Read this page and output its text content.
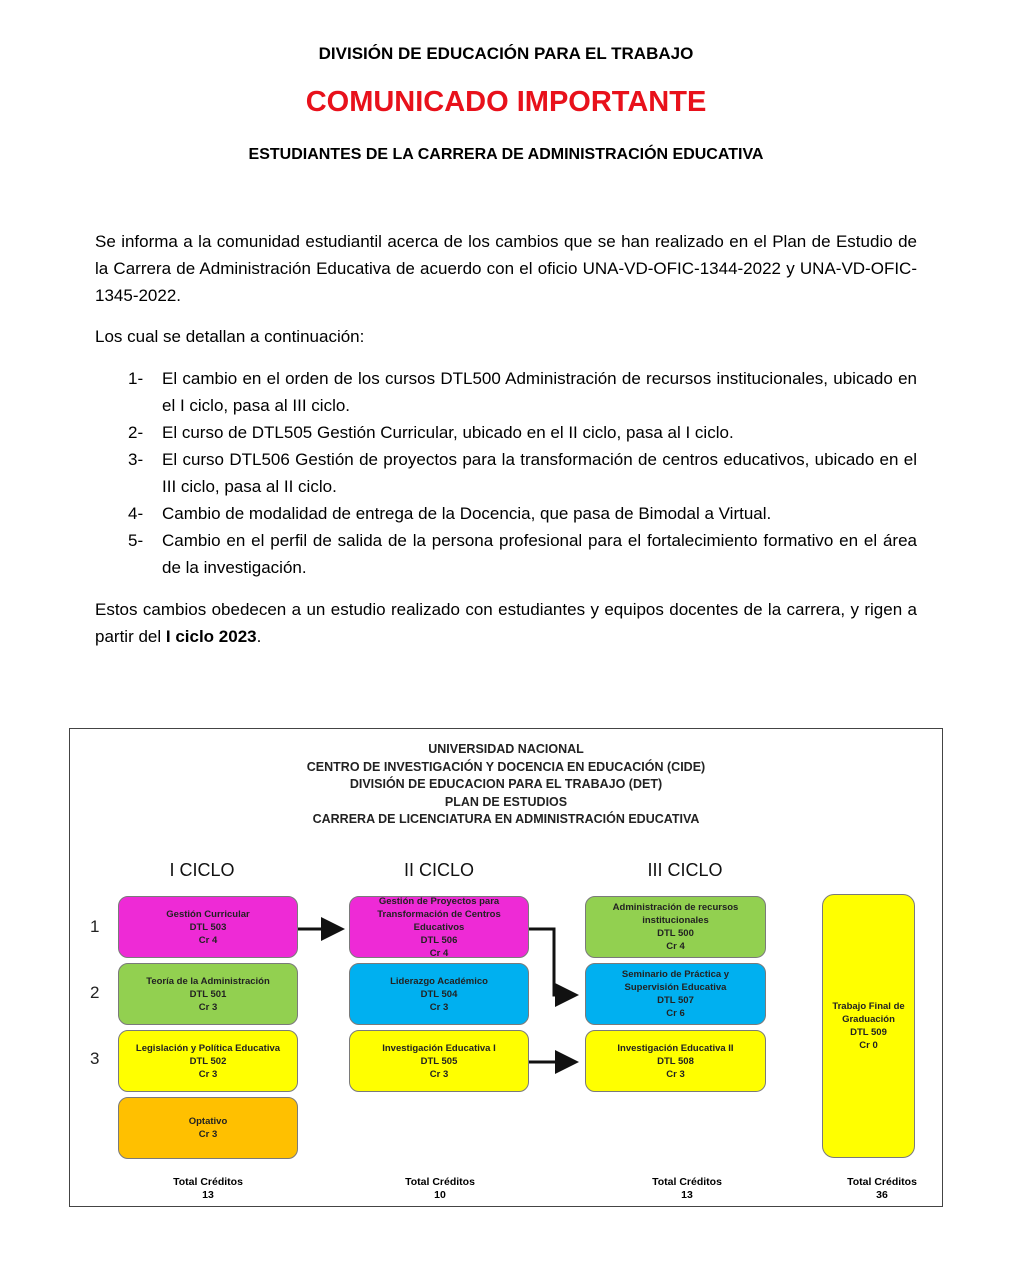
DIVISIÓN DE EDUCACIÓN PARA EL TRABAJO
COMUNICADO IMPORTANTE
ESTUDIANTES DE LA CARRERA DE ADMINISTRACIÓN EDUCATIVA
Se informa a la comunidad estudiantil acerca de los cambios que se han realizado en el Plan de Estudio de la Carrera de Administración Educativa de acuerdo con el oficio UNA-VD-OFIC-1344-2022 y UNA-VD-OFIC-1345-2022.
Los cual se detallan a continuación:
1- El cambio en el orden de los cursos DTL500 Administración de recursos institucionales, ubicado en el I ciclo, pasa al III ciclo.
2- El curso de DTL505 Gestión Curricular, ubicado en el II ciclo, pasa al I ciclo.
3- El curso DTL506 Gestión de proyectos para la transformación de centros educativos, ubicado en el III ciclo, pasa al II ciclo.
4- Cambio de modalidad de entrega de la Docencia, que pasa de Bimodal a Virtual.
5- Cambio en el perfil de salida de la persona profesional para el fortalecimiento formativo en el área de la investigación.
Estos cambios obedecen a un estudio realizado con estudiantes y equipos docentes de la carrera, y rigen a partir del I ciclo 2023.
UNIVERSIDAD NACIONAL
CENTRO DE INVESTIGACIÓN Y DOCENCIA EN EDUCACIÓN (CIDE)
DIVISIÓN DE EDUCACION PARA EL TRABAJO (DET)
PLAN DE ESTUDIOS
CARRERA DE LICENCIATURA EN ADMINISTRACIÓN EDUCATIVA
I CICLO	II CICLO	III CICLO
1
2
3
Gestión Curricular
DTL 503
Cr 4
Teoría de la Administración
DTL 501
Cr 3
Legislación y Política Educativa
DTL 502
Cr 3
Optativo
Cr 3
Gestión de Proyectos para Transformación de Centros Educativos
DTL 506
Cr 4
Liderazgo Académico
DTL 504
Cr 3
Investigación Educativa I
DTL 505
Cr 3
Administración de recursos institucionales
DTL 500
Cr 4
Seminario de Práctica y Supervisión Educativa
DTL 507
Cr 6
Investigación Educativa II
DTL 508
Cr 3
Trabajo Final de Graduación
DTL 509
Cr 0
Total Créditos
13
Total Créditos
10
Total Créditos
13
Total Créditos
36
